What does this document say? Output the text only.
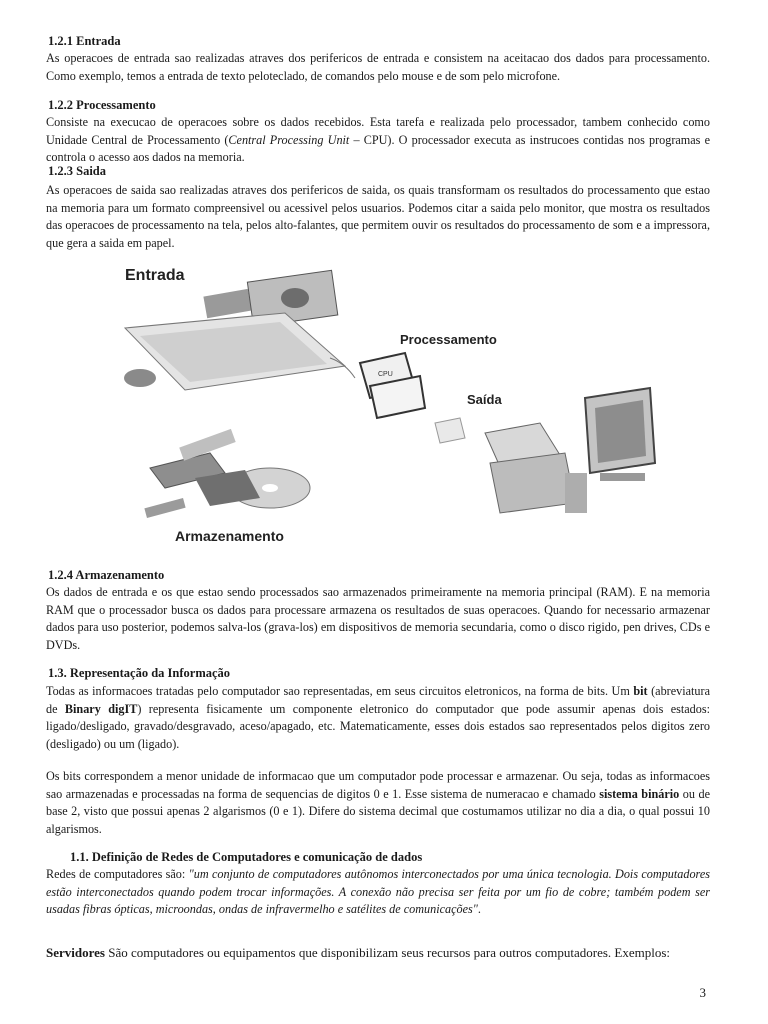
1.2.1 Entrada

As operacoes de entrada sao realizadas atraves dos perifericos de entrada e consistem na aceitacao dos dados para processamento. Como exemplo, temos a entrada de texto peloteclado, de comandos pelo mouse e de som pelo microfone.

1.2.2 Processamento

Consiste na execucao de operacoes sobre os dados recebidos. Esta tarefa e realizada pelo processador, tambem conhecido como Unidade Central de Processamento (Central Processing Unit – CPU). O processador executa as instrucoes contidas nos programas e controla o acesso aos dados na memoria.

1.2.3 Saida

As operacoes de saida sao realizadas atraves dos perifericos de saida, os quais transformam os resultados do processamento que estao na memoria para um formato compreensivel ou acessivel pelos usuarios. Podemos citar a saida pelo monitor, que mostra os resultados das operacoes de processamento na tela, pelos alto-falantes, que permitem ouvir os resultados do processamento de som e a impressora, que gera a saida em papel.

Entrada
Processamento
CPU
Saída
Armazenamento
1.2.4 Armazenamento

Os dados de entrada e os que estao sendo processados sao armazenados primeiramente na memoria principal (RAM). E na memoria RAM que o processador busca os dados para processare armazena os resultados de suas operacoes. Quando for necessario armazenar dados para uso posterior, podemos salva-los (grava-los) em dispositivos de memoria secundaria, como o disco rigido, pen drives, CDs e DVDs.

1.3. Representação da Informação

Todas as informacoes tratadas pelo computador sao representadas, em seus circuitos eletronicos, na forma de bits. Um bit (abreviatura de Binary digIT) representa fisicamente um componente eletronico do computador que pode assumir apenas dois estados: ligado/desligado, gravado/desgravado, aceso/apagado, etc. Matematicamente, esses dois estados sao representados pelos digitos zero (desligado) ou um (ligado).

Os bits correspondem a menor unidade de informacao que um computador pode processar e armazenar. Ou seja, todas as informacoes sao armazenadas e processadas na forma de sequencias de digitos 0 e 1. Esse sistema de numeracao e chamado sistema binário ou de base 2, visto que possui apenas 2 algarismos (0 e 1). Difere do sistema decimal que costumamos utilizar no dia a dia, o qual possui 10 algarismos.

1.1. Definição de Redes de Computadores e comunicação de dados

Redes de computadores são: "um conjunto de computadores autônomos interconectados por uma única tecnologia. Dois computadores estão interconectados quando podem trocar informações. A conexão não precisa ser feita por um fio de cobre; também podem ser usadas fibras ópticas, microondas, ondas de infravermelho e satélites de comunicações".

Servidores São computadores ou equipamentos que disponibilizam seus recursos para outros computadores. Exemplos:

3
